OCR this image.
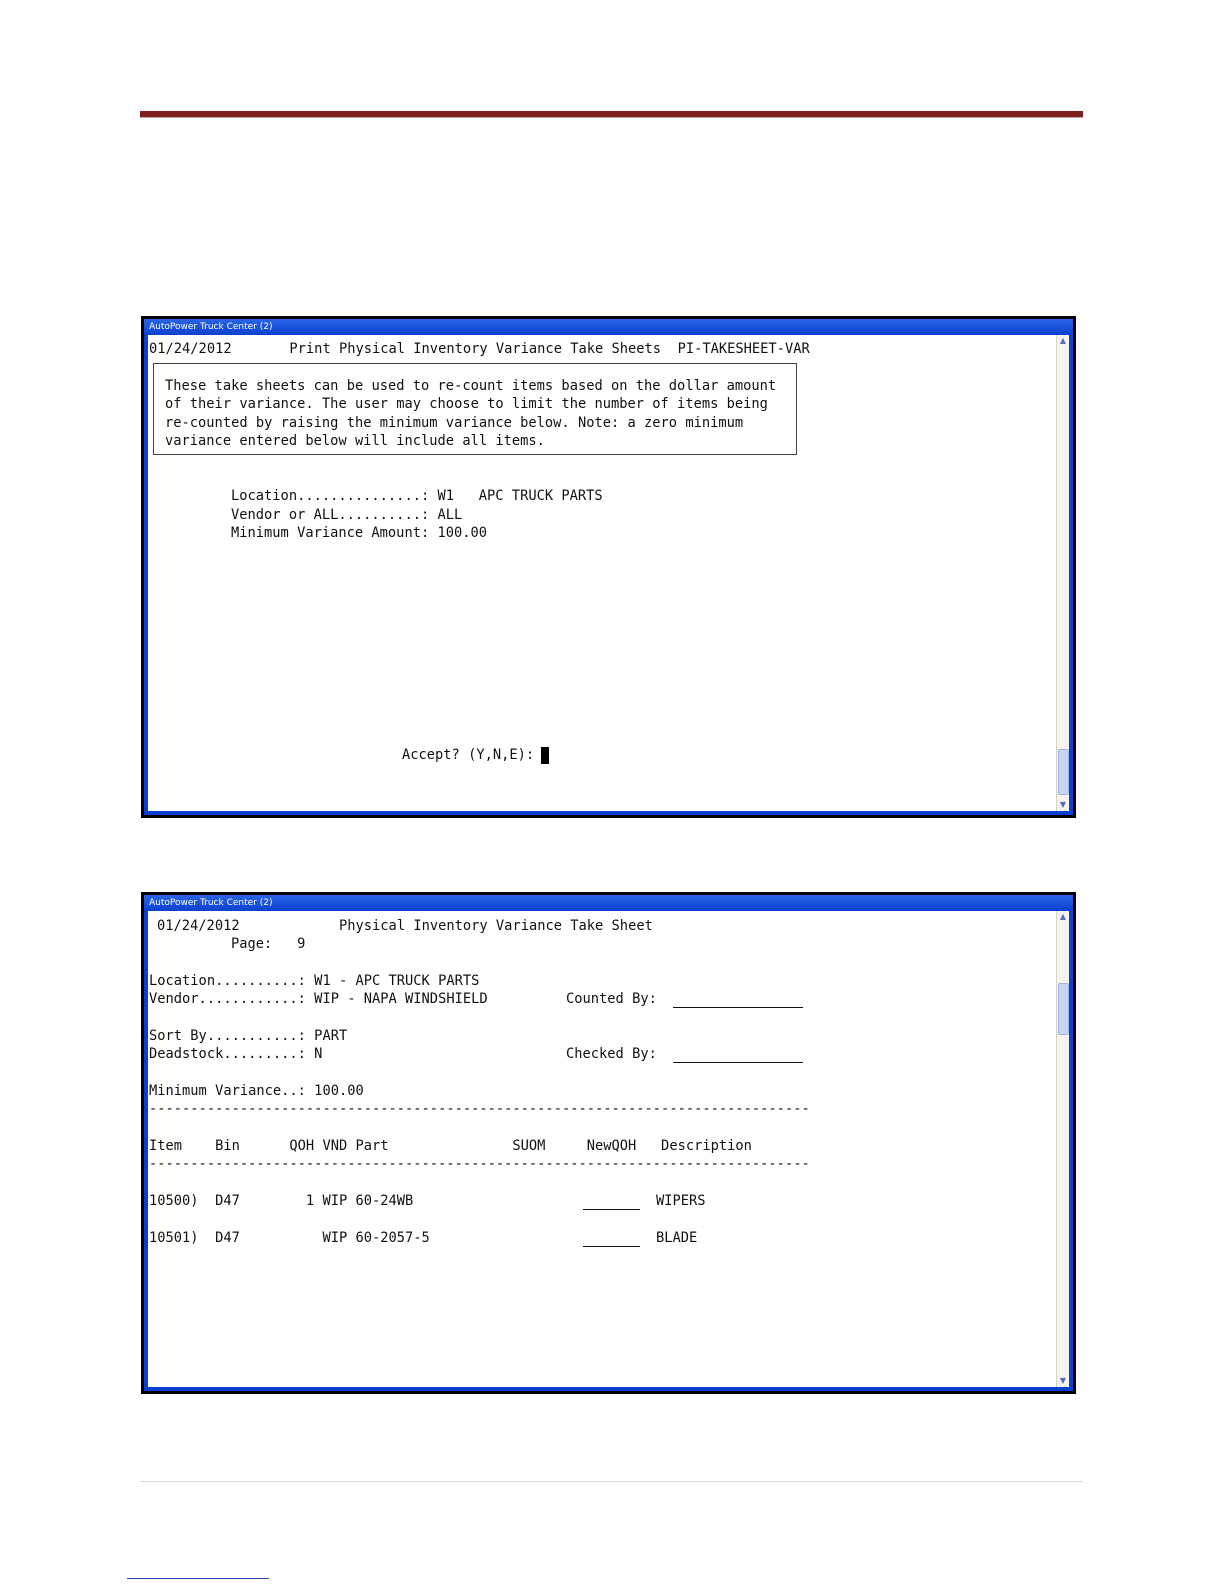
AutoPower Truck Center (2)
01/24/2012       Print Physical Inventory Variance Take Sheets  PI-TAKESHEET-VAR
These take sheets can be used to re-count items based on the dollar amount
of their variance. The user may choose to limit the number of items being
re-counted by raising the minimum variance below. Note: a zero minimum
variance entered below will include all items.
Location...............: W1   APC TRUCK PARTS
Vendor or ALL..........: ALL
Minimum Variance Amount: 100.00
Accept? (Y,N,E):
▲
▼
AutoPower Truck Center (2)
01/24/2012	Physical Inventory Variance Take Sheet
Page:   9
Location..........: W1 - APC TRUCK PARTS
Vendor............: WIP - NAPA WINDSHIELD	Counted By:
Sort By...........: PART
Deadstock.........: N	Checked By:
Minimum Variance..: 100.00
--------------------------------------------------------------------------------
Item    Bin      QOH VND Part               SUOM     NewQOH   Description
--------------------------------------------------------------------------------
10500)  D47        1 WIP 60-24WB	WIPERS
10501)  D47          WIP 60-2057-5	BLADE
▲
▼
